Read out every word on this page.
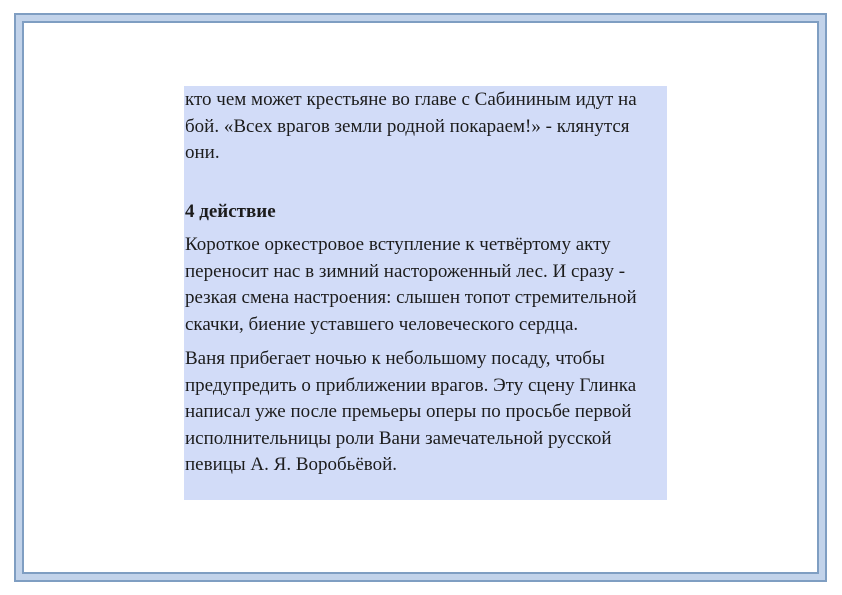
кто чем может крестьяне во главе с Сабининым идут на бой. «Всех врагов земли родной покараем!» - клянутся они.

4 действие

Короткое оркестровое вступление к четвёртому акту переносит нас в зимний настороженный лес. И сразу - резкая смена настроения: слышен топот стремительной скачки, биение уставшего человеческого сердца.

Ваня прибегает ночью к небольшому посаду, чтобы предупредить о приближении врагов. Эту сцену Глинка написал уже после премьеры оперы по просьбе первой исполнительницы роли Вани замечательной русской певицы А. Я. Воробьёвой.
